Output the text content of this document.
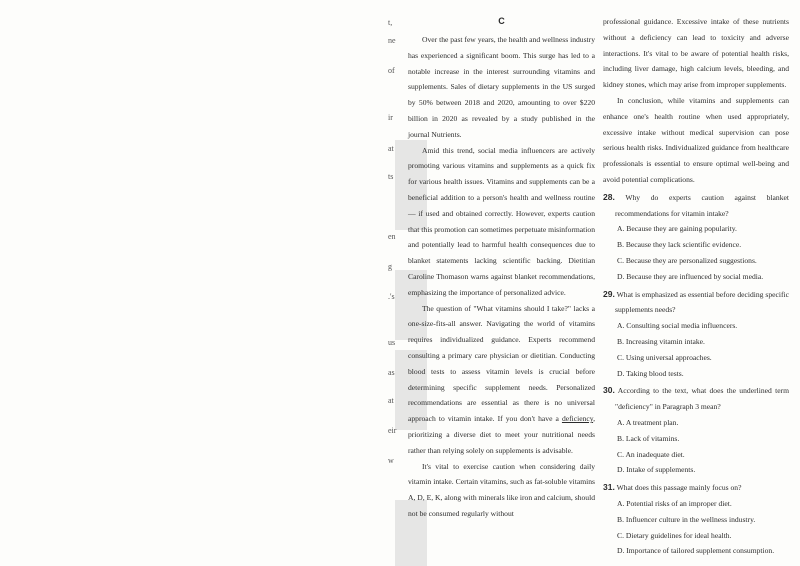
t,
ne
of
ir
at
ts
en
g
.'s
us
as
at
eir
w
C

Over the past few years, the health and wellness industry has experienced a significant boom. This surge has led to a notable increase in the interest surrounding vitamins and supplements. Sales of dietary supplements in the US surged by 50% between 2018 and 2020, amounting to over $220 billion in 2020 as revealed by a study published in the journal Nutrients.

Amid this trend, social media influencers are actively promoting various vitamins and supplements as a quick fix for various health issues. Vitamins and supplements can be a beneficial addition to a person's health and wellness routine — if used and obtained correctly. However, experts caution that this promotion can sometimes perpetuate misinformation and potentially lead to harmful health consequences due to blanket statements lacking scientific backing. Dietitian Caroline Thomason warns against blanket recommendations, emphasizing the importance of personalized advice.

The question of "What vitamins should I take?" lacks a one-size-fits-all answer. Navigating the world of vitamins requires individualized guidance. Experts recommend consulting a primary care physician or dietitian. Conducting blood tests to assess vitamin levels is crucial before determining specific supplement needs. Personalized recommendations are essential as there is no universal approach to vitamin intake. If you don't have a deficiency, prioritizing a diverse diet to meet your nutritional needs rather than relying solely on supplements is advisable.

It's vital to exercise caution when considering daily vitamin intake. Certain vitamins, such as fat-soluble vitamins A, D, E, K, along with minerals like iron and calcium, should not be consumed regularly without

professional guidance. Excessive intake of these nutrients without a deficiency can lead to toxicity and adverse interactions. It's vital to be aware of potential health risks, including liver damage, high calcium levels, bleeding, and kidney stones, which may arise from improper supplements.

In conclusion, while vitamins and supplements can enhance one's health routine when used appropriately, excessive intake without medical supervision can pose serious health risks. Individualized guidance from healthcare professionals is essential to ensure optimal well-being and avoid potential complications.

28. Why do experts caution against blanket recommendations for vitamin intake?
A. Because they are gaining popularity.
B. Because they lack scientific evidence.
C. Because they are personalized suggestions.
D. Because they are influenced by social media.
29. What is emphasized as essential before deciding specific supplements needs?
A. Consulting social media influencers.
B. Increasing vitamin intake.
C. Using universal approaches.
D. Taking blood tests.
30. According to the text, what does the underlined term "deficiency" in Paragraph 3 mean?
A. A treatment plan.
B. Lack of vitamins.
C. An inadequate diet.
D. Intake of supplements.
31. What does this passage mainly focus on?
A. Potential risks of an improper diet.
B. Influencer culture in the wellness industry.
C. Dietary guidelines for ideal health.
D. Importance of tailored supplement consumption.
